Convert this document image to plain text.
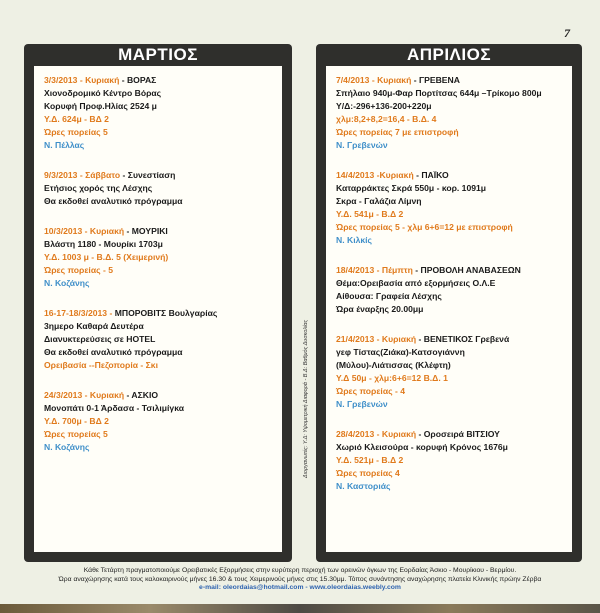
7
ΜΑΡΤΙΟΣ
3/3/2013 - Κυριακή - ΒΟΡΑΣ
Χιονοδρομικό Κέντρο Βόρας
Κορυφή Προφ.Ηλίας 2524 μ
Υ.Δ. 624μ - ΒΔ 2
Ώρες πορείας 5
Ν. Πέλλας
9/3/2013 - Σάββατο - Συνεστίαση
Ετήσιος χορός της Λέσχης
Θα εκδοθεί αναλυτικό πρόγραμμα
10/3/2013 - Κυριακή - ΜΟΥΡΙΚΙ
Βλάστη 1180 - Μουρίκι 1703μ
Υ.Δ. 1003 μ - Β.Δ. 5 (Χειμερινή)
Ώρες πορείας - 5
Ν. Κοζάνης
16-17-18/3/2013 - ΜΠΟΡΟΒΙΤΣ Βουλγαρίας
3ημερο Καθαρά Δευτέρα
Διανυκτερεύσεις σε HOTEL
Θα εκδοθεί αναλυτικό πρόγραμμα
Ορειβασία --Πεζοπορία - Σκι
24/3/2013 - Κυριακή - ΑΣΚΙΟ
Μονοπάτι 0-1 Άρδασα - Τσιλιμίγκα
Υ.Δ. 700μ - ΒΔ 2
Ώρες πορείας 5
Ν. Κοζάνης	Διοργανωτές: Υ.Δ: Υψομετρική Διαφορά - Β.Δ: Βαθμός Δυσκολίας
ΑΠΡΙΛΙΟΣ
7/4/2013 - Κυριακή - ΓΡΕΒΕΝΑ
Σπήλαιο 940μ-Φαρ Πορτίτσας 644μ –Τρίκομο 800μ
Υ/Δ:-296+136-200+220μ
χλμ:8,2+8,2=16,4 - Β.Δ. 4
Ώρες πορείας 7 με επιστροφή
Ν. Γρεβενών
14/4/2013 -Κυριακή - ΠΑΪΚΟ
Καταρράκτες Σκρά 550μ - κορ. 1091μ
Σκρα - Γαλάζια Λίμνη
Υ.Δ. 541μ - Β.Δ 2
Ώρες πορείας 5 - χλμ 6+6=12 με επιστροφή
Ν. Κιλκίς
18/4/2013 - Πέμπτη - ΠΡΟΒΟΛΗ ΑΝΑΒΑΣΕΩΝ
Θέμα:Ορειβασία από εξορμήσεις Ο.Λ.Ε
Αίθουσα: Γραφεία Λέσχης
Ώρα έναρξης 20.00μμ
21/4/2013 - Κυριακή - ΒΕΝΕΤΙΚΟΣ Γρεβενά
γεφ Τίστας(Ζιάκα)-Κατσογιάννη
(Μύλου)-Λιάτισσας (Κλέφτη)
Υ.Δ 50μ - χλμ:6+6=12 Β.Δ. 1
Ώρες πορείας - 4
Ν. Γρεβενών
28/4/2013 - Κυριακή - Οροσειρά ΒΙΤΣΙΟΥ
Χωριό Κλεισούρα - κορυφή Κρόνος 1676μ
Υ.Δ. 521μ - Β.Δ 2
Ώρες πορείας 4
Ν. Καστοριάς
Κάθε Τετάρτη πραγματοποιούμε Ορειβατικές Εξορμήσεις στην ευρύτερη περιοχή των ορεινών όγκων της Εορδαίας Άσκιο - Μουρίκιου - Βερμίου.
Ώρα αναχώρησης κατά τους καλοκαιρινούς μήνες 16.30 & τους Χειμερινούς μήνες στις 15.30μμ. Τόπος συνάντησης αναχώρησης πλατεία Κλινικής πρώην Ζέρβα
e-mail: oleordaias@hotmail.com - www.oleordaias.weebly.com
